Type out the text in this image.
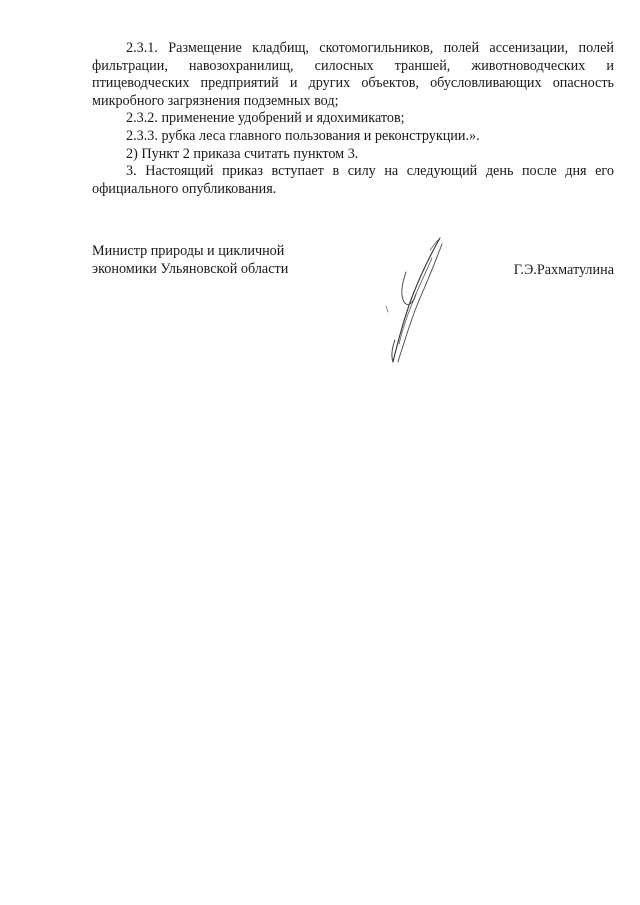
2.3.1. Размещение кладбищ, скотомогильников, полей ассенизации, полей фильтрации, навозохранилищ, силосных траншей, животноводческих и птицеводческих предприятий и других объектов, обусловливающих опасность микробного загрязнения подземных вод;

2.3.2. применение удобрений и ядохимикатов;

2.3.3. рубка леса главного пользования и реконструкции.».

2) Пункт 2 приказа считать пунктом 3.

3. Настоящий приказ вступает в силу на следующий день после дня его официального опубликования.

Министр природы и цикличной
экономики Ульяновской области	Г.Э.Рахматулина
